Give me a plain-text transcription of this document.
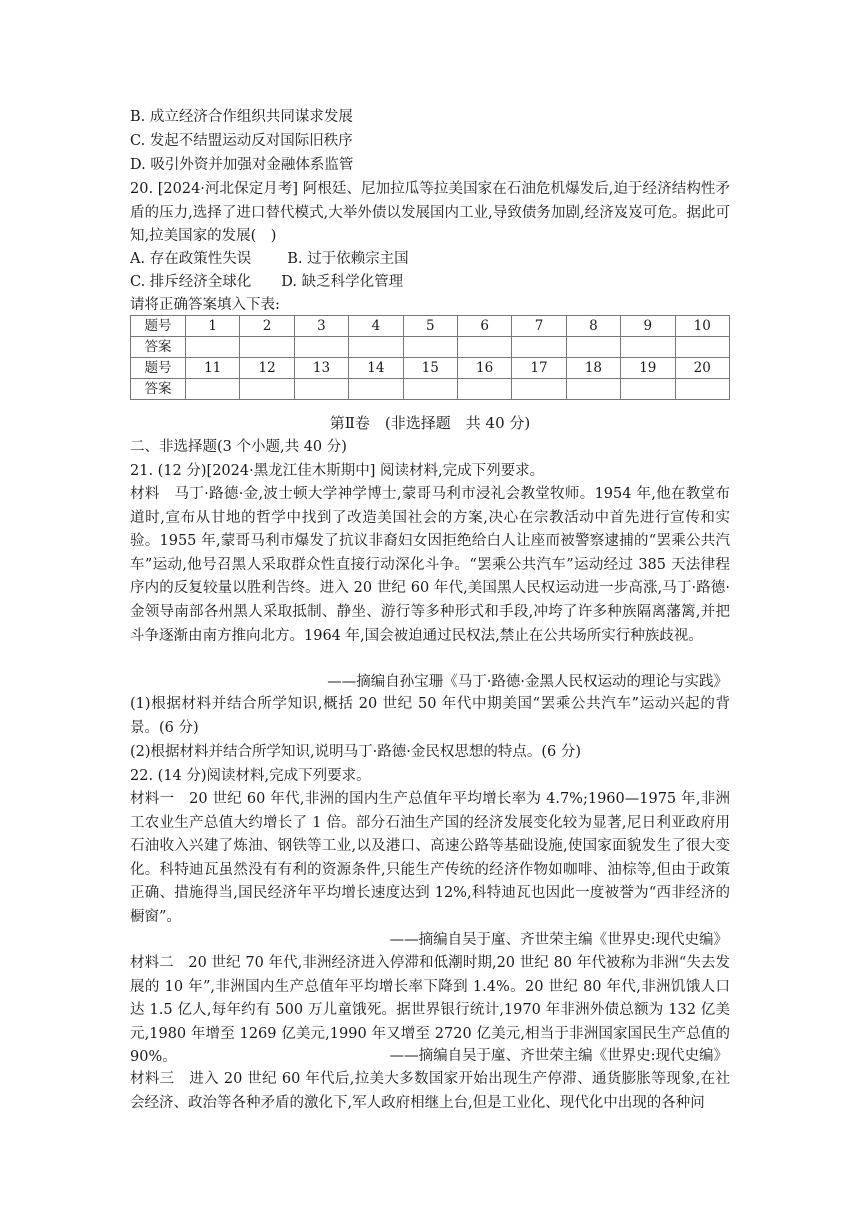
B. 成立经济合作组织共同谋求发展
C. 发起不结盟运动反对国际旧秩序
D. 吸引外资并加强对金融体系监管
20. [2024·河北保定月考] 阿根廷、尼加拉瓜等拉美国家在石油危机爆发后,迫于经济结构性矛盾的压力,选择了进口替代模式,大举外债以发展国内工业,导致债务加剧,经济岌岌可危。据此可知,拉美国家的发展(　)
A. 存在政策性失误 B. 过于依赖宗主国
C. 排斥经济全球化 D. 缺乏科学化管理
请将正确答案填入下表:
题号	1	2	3	4	5	6	7	8	9	10
答案										
题号	11	12	13	14	15	16	17	18	19	20
答案										
第Ⅱ卷　(非选择题　共 40 分)
二、非选择题(3 个小题,共 40 分)
21. (12 分)[2024·黑龙江佳木斯期中] 阅读材料,完成下列要求。
材料　马丁·路德·金,波士顿大学神学博士,蒙哥马利市浸礼会教堂牧师。1954 年,他在教堂布道时,宣布从甘地的哲学中找到了改造美国社会的方案,决心在宗教活动中首先进行宣传和实验。1955 年,蒙哥马利市爆发了抗议非裔妇女因拒绝给白人让座而被警察逮捕的“罢乘公共汽车”运动,他号召黑人采取群众性直接行动深化斗争。“罢乘公共汽车”运动经过 385 天法律程序内的反复较量以胜利告终。进入 20 世纪 60 年代,美国黑人民权运动进一步高涨,马丁·路德·金领导南部各州黑人采取抵制、静坐、游行等多种形式和手段,冲垮了许多种族隔离藩篱,并把斗争逐渐由南方推向北方。1964 年,国会被迫通过民权法,禁止在公共场所实行种族歧视。
——摘编自孙宝珊《马丁·路德·金黑人民权运动的理论与实践》
(1)根据材料并结合所学知识,概括 20 世纪 50 年代中期美国“罢乘公共汽车”运动兴起的背景。(6 分)
(2)根据材料并结合所学知识,说明马丁·路德·金民权思想的特点。(6 分)
22. (14 分)阅读材料,完成下列要求。
材料一　20 世纪 60 年代,非洲的国内生产总值年平均增长率为 4.7%;1960—1975 年,非洲工农业生产总值大约增长了 1 倍。部分石油生产国的经济发展变化较为显著,尼日利亚政府用石油收入兴建了炼油、钢铁等工业,以及港口、高速公路等基础设施,使国家面貌发生了很大变化。科特迪瓦虽然没有有利的资源条件,只能生产传统的经济作物如咖啡、油棕等,但由于政策正确、措施得当,国民经济年平均增长速度达到 12%,科特迪瓦也因此一度被誉为“西非经济的橱窗”。
——摘编自吴于廑、齐世荣主编《世界史:现代史编》
材料二　20 世纪 70 年代,非洲经济进入停滞和低潮时期,20 世纪 80 年代被称为非洲“失去发展的 10 年”,非洲国内生产总值年平均增长率下降到 1.4%。20 世纪 80 年代,非洲饥饿人口达 1.5 亿人,每年约有 500 万儿童饿死。据世界银行统计,1970 年非洲外债总额为 132 亿美元,1980 年增至 1269 亿美元,1990 年又增至 2720 亿美元,相当于非洲国家国民生产总值的 90%。	——摘编自吴于廑、齐世荣主编《世界史:现代史编》
材料三　进入 20 世纪 60 年代后,拉美大多数国家开始出现生产停滞、通货膨胀等现象,在社会经济、政治等各种矛盾的激化下,军人政府相继上台,但是工业化、现代化中出现的各种问
